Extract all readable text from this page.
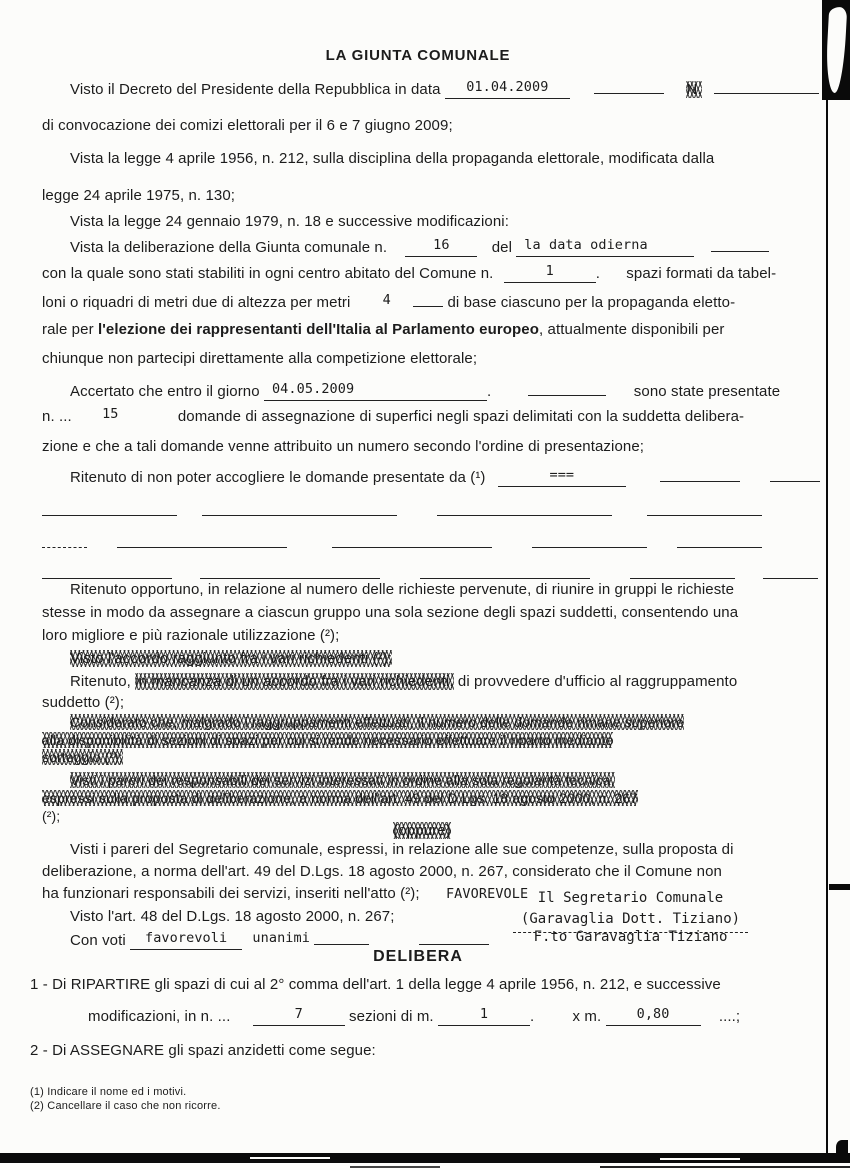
LA GIUNTA COMUNALE
Visto il Decreto del Presidente della Repubblica in data 01.04.2009	N.
di convocazione dei comizi elettorali per il 6 e 7 giugno 2009;
Vista la legge 4 aprile 1956, n. 212, sulla disciplina della propaganda elettorale, modificata dalla
legge 24 aprile 1975, n. 130;
Vista la legge 24 gennaio 1979, n. 18 e successive modificazioni:
Vista la deliberazione della Giunta comunale n.	16	del la data odierna
con la quale sono stati stabiliti in ogni centro abitato del Comune n.	1	. spazi formati da tabel-
loni o riquadri di metri due di altezza per metri 4	di base ciascuno per la propaganda eletto-
rale per l'elezione dei rappresentanti dell'Italia al Parlamento europeo, attualmente disponibili per
chiunque non partecipi direttamente alla competizione elettorale;
Accertato che entro il giorno 04.05.2009	.	sono state presentate
n. ... 15	domande di assegnazione di superfici negli spazi delimitati con la suddetta delibera-
zione e che a tali domande venne attribuito un numero secondo l'ordine di presentazione;
Ritenuto di non poter accogliere le domande presentate da (¹)	===
Ritenuto opportuno, in relazione al numero delle richieste pervenute, di riunire in gruppi le richieste
stesse in modo da assegnare a ciascun gruppo una sola sezione degli spazi suddetti, consentendo una
loro migliore e più razionale utilizzazione (²);
Visto l'accordo raggiunto fra i vari richiedenti (²);
Ritenuto, in mancanza di un accordo fra i vari richiedenti, di provvedere d'ufficio al raggruppamento
suddetto (²);
Considerato che, malgrado i raggruppamenti effettuati, il numero delle domande rimane superiore
alla disponibilità di sezioni di spazi per cui si rende necessario effettuare il riparto mediante
sorteggio (²);
Visti i pareri dei responsabili dei servizi interessati in ordine alla sola regolarità tecnica,
espressi sulla proposta di deliberazione, a norma dell'art. 49 del D.Lgs. 18 agosto 2000, n. 267
(²);
(oppure)
Visti i pareri del Segretario comunale, espressi, in relazione alle sue competenze, sulla proposta di
deliberazione, a norma dell'art. 49 del D.Lgs. 18 agosto 2000, n. 267, considerato che il Comune non
ha funzionari responsabili dei servizi, inseriti nell'atto (²); FAVOREVOLE
Visto l'art. 48 del D.Lgs. 18 agosto 2000, n. 267;
Con voti favorevoli unanimi
Il Segretario Comunale
(Garavaglia Dott. Tiziano)
F.to Garavaglia Tiziano
DELIBERA
1 - Di RIPARTIRE gli spazi di cui al 2° comma dell'art. 1 della legge 4 aprile 1956, n. 212, e successive
modificazioni, in n. ...	7	sezioni di m.	1	.	x m.	0,80	....;
2 - Di ASSEGNARE gli spazi anzidetti come segue:
(1) Indicare il nome ed i motivi.
(2) Cancellare il caso che non ricorre.
